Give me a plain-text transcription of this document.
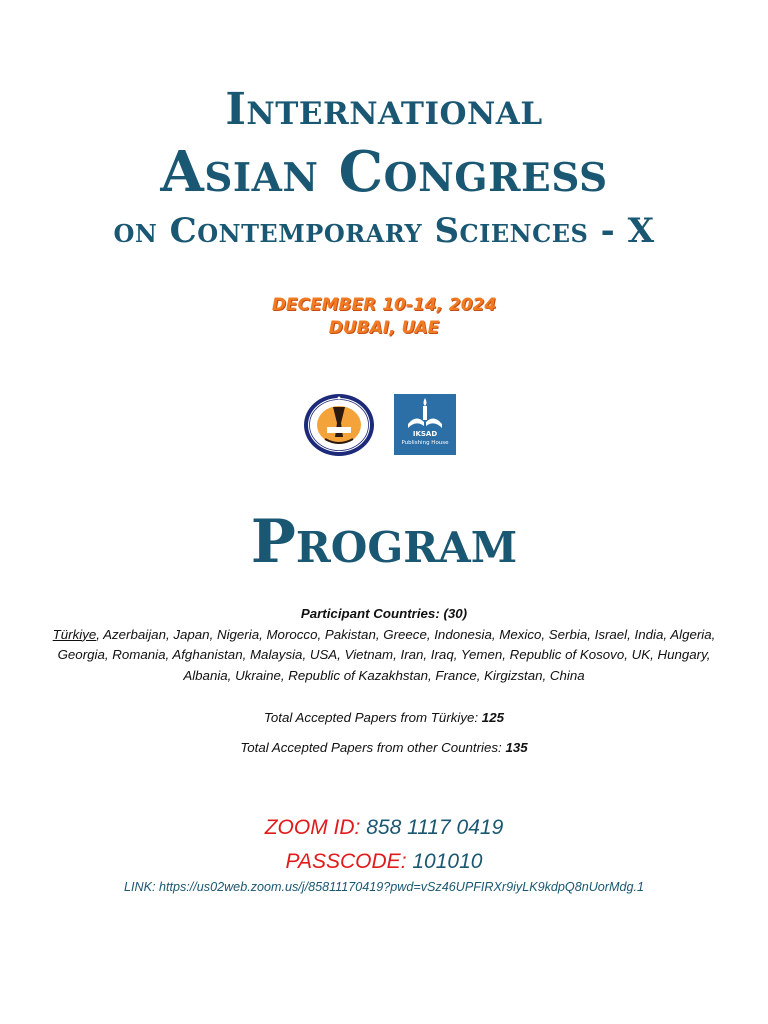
International
Asian Congress
on Contemporary Sciences - X
DECEMBER 10-14, 2024
DUBAI, UAE
IKSAD
Publishing House
Program
Participant Countries: (30)
Türkiye, Azerbaijan, Japan, Nigeria, Morocco, Pakistan, Greece, Indonesia, Mexico, Serbia, Israel, India, Algeria, Georgia, Romania, Afghanistan, Malaysia, USA, Vietnam, Iran, Iraq, Yemen, Republic of Kosovo, UK, Hungary, Albania, Ukraine, Republic of Kazakhstan, France, Kirgizstan, China
Total Accepted Papers from Türkiye: 125
Total Accepted Papers from other Countries: 135
ZOOM ID: 858 1117 0419
PASSCODE: 101010
LINK: https://us02web.zoom.us/j/85811170419?pwd=vSz46UPFIRXr9iyLK9kdpQ8nUorMdg.1
